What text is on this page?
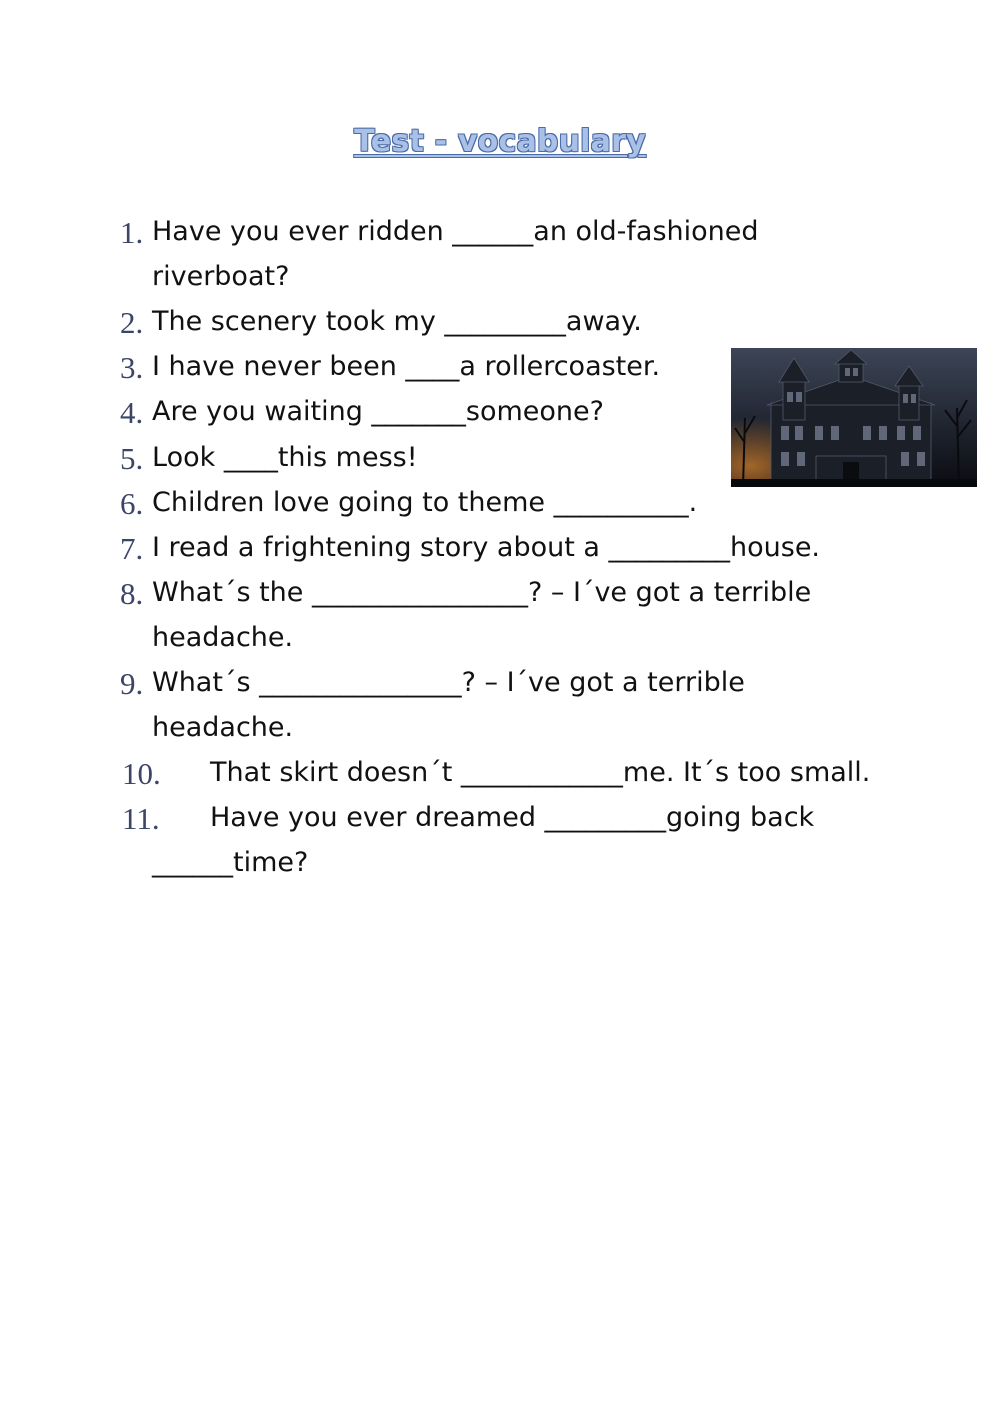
Test - vocabulary
1. Have you ever ridden ______an old-fashioned
riverboat?
2. The scenery took my _________away.
3. I have never been ____a rollercoaster.
4. Are you waiting _______someone?
5. Look ____this mess!
6. Children love going to theme __________.
7. I read a frightening story about a _________house.
8. What´s the ________________? – I´ve got a terrible
headache.
9. What´s _______________? – I´ve got a terrible
headache.
10. That skirt doesn´t ____________me. It´s too small.
11. Have you ever dreamed _________going back
______time?
